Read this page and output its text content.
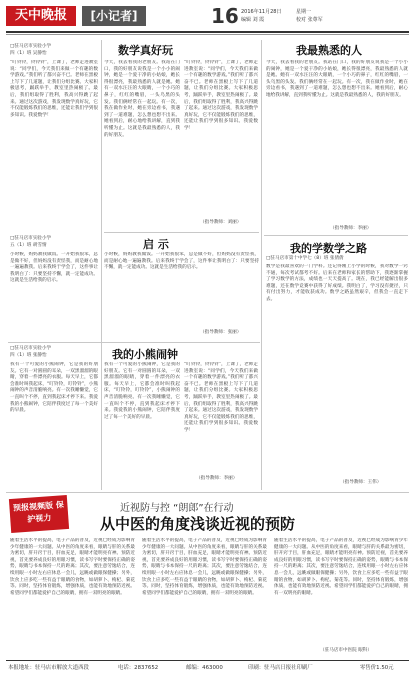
天中晚报	[小记者]	16 2016年11月28日	星期一
编辑 刘 霞	校对 张尊军
□驻马店市实验小学
四（1）班 吴静怡
“叮铃铃，铃铃铃”，上课了，老师走进教室说：“同学们，今天我们来做一个有趣的数学游戏。”我们听了都兴奋不已。老师在黑板上写下了几道题，让我们分组比赛。大家积极思考，踊跃举手，教室里热闹极了。最后，我们组取得了胜利，我高兴得跳了起来。通过这次游戏，我发现数学真好玩，它不仅能锻炼我们的思维，还能让我们学到很多知识。我爱数学！
数学真好玩
今天，我去看我的老朋友。我站在门口，我的好朋友说我是一个小小的闹钟，她是一个爱干净的小姑娘，她长得很漂亮，我最熟悉的人就是她。她有一双水汪汪的大眼睛，一个小巧的鼻子，红红的嘴唇，一头乌黑的头发。我们俩经常在一起玩。有一次，我在做作业时，她在旁边看书，我遇到了一道难题，怎么想也想不出来。她看到后，耐心地给我讲解，直到我听懂为止。这就是我最熟悉的人，我的好朋友。
“叮铃铃，铃铃铃”，上课了，老师走进教室说：“同学们，今天我们来做一个有趣的数学游戏。”我们听了都兴奋不已。老师在黑板上写下了几道题，让我们分组比赛。大家积极思考，踊跃举手，教室里热闹极了。最后，我们组取得了胜利，我高兴得跳了起来。通过这次游戏，我发现数学真好玩，它不仅能锻炼我们的思维，还能让我们学到很多知识。我爱数学！
（指导教师：刘丽）
启 示
□驻马店市实验小学
五（1）班 胡雪情
小时候，妈妈教我做饭。一开始我很笨，总是做不好，但妈妈没有责怪我，而是耐心地一遍遍教我。后来我终于学会了，这件事让我明白了：只要坚持不懈，就一定能成功。这就是生活给我的启示。
小时候，妈妈教我做饭。一开始我很笨，总是做不好，但妈妈没有责怪我，而是耐心地一遍遍教我。后来我终于学会了，这件事让我明白了：只要坚持不懈，就一定能成功。这就是生活给我的启示。
（指导教师：张丽）
我的小熊闹钟
□驻马店市实验小学
四（1）班 张静怡
我有一个可爱的小熊闹钟，它是我的好朋友。它有一对圆圆的耳朵，一双黑溜溜的眼睛，穿着一件漂亮的衣服。每天早上，它都会准时叫我起床，“叮铃铃，叮铃铃”，小熊闹钟的声音清脆响亮。有一次我睡懒觉，它一直叫个不停，直到我起床才停下来。我爱我的小熊闹钟，它陪伴我度过了每一个美好的早晨。
我有一个可爱的小熊闹钟，它是我的好朋友。它有一对圆圆的耳朵，一双黑溜溜的眼睛，穿着一件漂亮的衣服。每天早上，它都会准时叫我起床，“叮铃铃，叮铃铃”，小熊闹钟的声音清脆响亮。有一次我睡懒觉，它一直叫个不停，直到我起床才停下来。我爱我的小熊闹钟，它陪伴我度过了每一个美好的早晨。
“叮铃铃，铃铃铃”，上课了，老师走进教室说：“同学们，今天我们来做一个有趣的数学游戏。”我们听了都兴奋不已。老师在黑板上写下了几道题，让我们分组比赛。大家积极思考，踊跃举手，教室里热闹极了。最后，我们组取得了胜利，我高兴得跳了起来。通过这次游戏，我发现数学真好玩，它不仅能锻炼我们的思维，还能让我们学到很多知识。我爱数学！
（指导教师：李丽）
我最熟悉的人
今天，我去看我的老朋友。我站在门口，我的好朋友说我是一个小小的闹钟，她是一个爱干净的小姑娘，她长得很漂亮，我最熟悉的人就是她。她有一双水汪汪的大眼睛，一个小巧的鼻子，红红的嘴唇，一头乌黑的头发。我们俩经常在一起玩。有一次，我在做作业时，她在旁边看书，我遇到了一道难题，怎么想也想不出来。她看到后，耐心地给我讲解，直到我听懂为止。这就是我最熟悉的人，我的好朋友。
（指导教师：李丽）
我的学数学之路
□驻马店市第十中学七（8）班 张倩倩
数学是我最喜欢的一门学科。还记得刚上小学的时候，我对数学一窍不通，每次考试都考不好。后来在老师和家长的帮助下，我逐渐掌握了学习数学的方法，成绩也一天天提高了。现在，我已经能解出很多难题，还在数学竞赛中获得了好成绩。我明白了，学习没有捷径，只有付出努力，才能收获成功。数学之路虽然艰辛，但我会一直走下去。
（指导教师：王伟）
预报视频版 保护视力
近视防与控 “朗郎”在行动
从中医的角度浅谈近视的预防
随着生活水平的提高，电子产品的普及，近视已经成为影响青少年健康的一大问题。从中医的角度来看，眼睛与肝的关系最为密切，肝开窍于目，肝血充足，眼睛才能明亮有神。预防近视，首先要养成良好的用眼习惯，读书写字时要保持正确的姿势，眼睛与书本保持一尺的距离；其次，要注意劳逸结合，连续用眼一小时左右应休息一会儿，远眺或做眼保健操；另外，饮食上应多吃一些有益于眼睛的食物，如胡萝卜、枸杞、菊花等。同时，坚持体育锻炼，增强体质，也能有效地预防近视。希望同学们都能爱护自己的眼睛，拥有一双明亮的眼睛。
随着生活水平的提高，电子产品的普及，近视已经成为影响青少年健康的一大问题。从中医的角度来看，眼睛与肝的关系最为密切，肝开窍于目，肝血充足，眼睛才能明亮有神。预防近视，首先要养成良好的用眼习惯，读书写字时要保持正确的姿势，眼睛与书本保持一尺的距离；其次，要注意劳逸结合，连续用眼一小时左右应休息一会儿，远眺或做眼保健操；另外，饮食上应多吃一些有益于眼睛的食物，如胡萝卜、枸杞、菊花等。同时，坚持体育锻炼，增强体质，也能有效地预防近视。希望同学们都能爱护自己的眼睛，拥有一双明亮的眼睛。
随着生活水平的提高，电子产品的普及，近视已经成为影响青少年健康的一大问题。从中医的角度来看，眼睛与肝的关系最为密切，肝开窍于目，肝血充足，眼睛才能明亮有神。预防近视，首先要养成良好的用眼习惯，读书写字时要保持正确的姿势，眼睛与书本保持一尺的距离；其次，要注意劳逸结合，连续用眼一小时左右应休息一会儿，远眺或做眼保健操；另外，饮食上应多吃一些有益于眼睛的食物，如胡萝卜、枸杞、菊花等。同时，坚持体育锻炼，增强体质，也能有效地预防近视。希望同学们都能爱护自己的眼睛，拥有一双明亮的眼睛。
（驻马店市中医院 眼科）
本报地址：驻马店市解放大道西段	电话：2837652	邮编：463000	印刷：驻马店日报社印刷厂	零售价1.50元
